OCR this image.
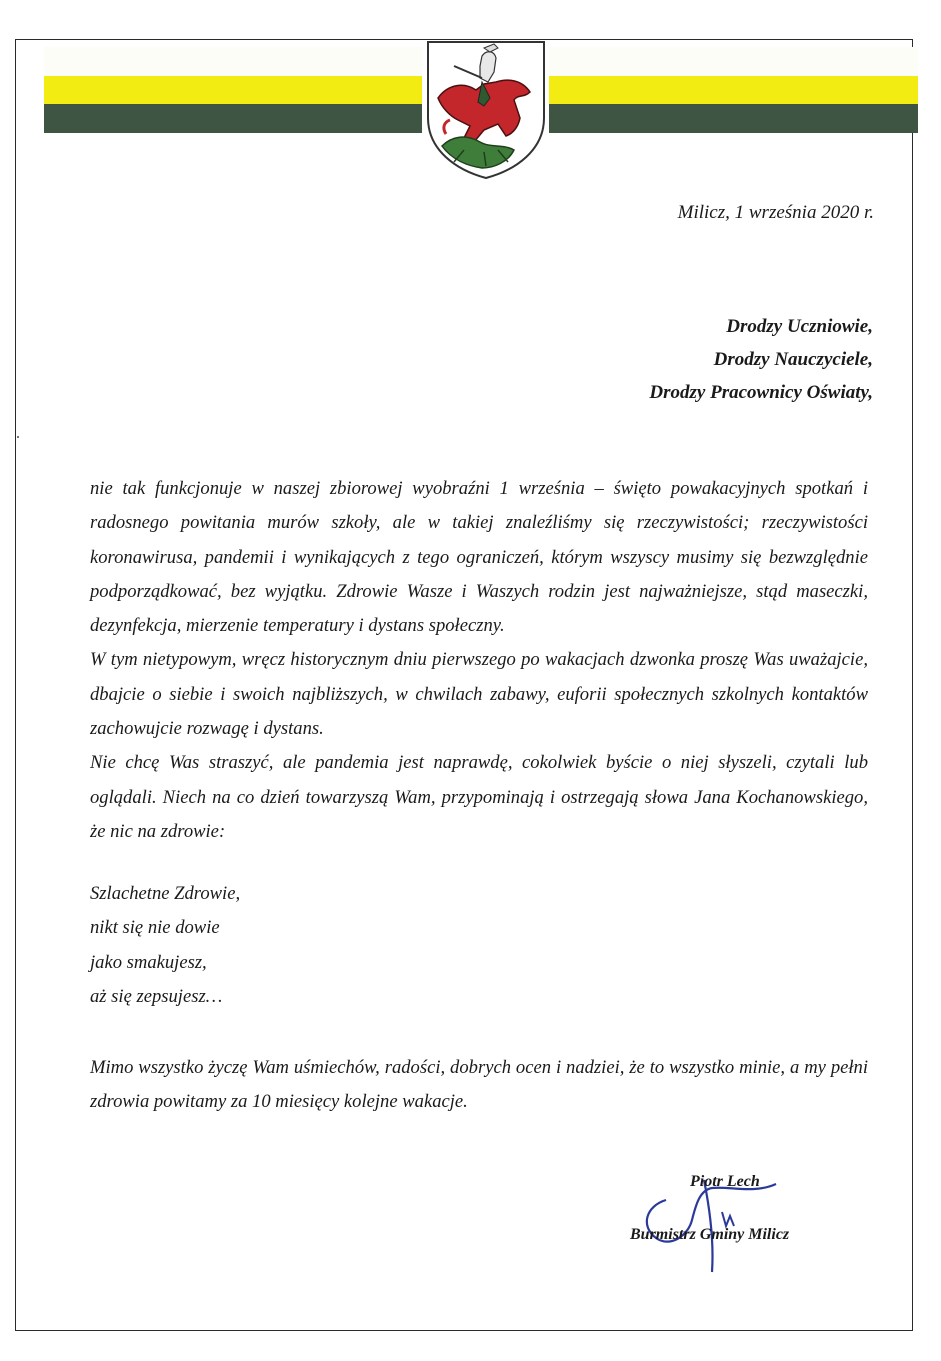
Milicz, 1 września 2020 r.
Drodzy Uczniowie,
Drodzy Nauczyciele,
Drodzy Pracownicy Oświaty,

nie tak funkcjonuje w naszej zbiorowej wyobraźni 1 września – święto powakacyjnych spotkań i radosnego powitania murów szkoły, ale w takiej znaleźliśmy się rzeczywistości; rzeczywistości koronawirusa, pandemii i wynikających z tego ograniczeń, którym wszyscy musimy się bezwzględnie podporządkować, bez wyjątku. Zdrowie Wasze i Waszych rodzin jest najważniejsze, stąd maseczki, dezynfekcja, mierzenie temperatury i dystans społeczny.

W tym nietypowym, wręcz historycznym dniu pierwszego po wakacjach dzwonka proszę Was uważajcie, dbajcie o siebie i swoich najbliższych, w chwilach zabawy, euforii społecznych szkolnych kontaktów zachowujcie rozwagę i dystans.

Nie chcę Was straszyć, ale pandemia jest naprawdę, cokolwiek byście o niej słyszeli, czytali lub oglądali. Niech na co dzień towarzyszą Wam, przypominają i ostrzegają słowa Jana Kochanowskiego, że nic na zdrowie:

Szlachetne Zdrowie,
nikt się nie dowie
jako smakujesz,
aż się zepsujesz…

Mimo wszystko życzę Wam uśmiechów, radości, dobrych ocen i nadziei, że to wszystko minie, a my pełni zdrowia powitamy za 10 miesięcy kolejne wakacje.

Piotr Lech
Burmistrz Gminy Milicz
